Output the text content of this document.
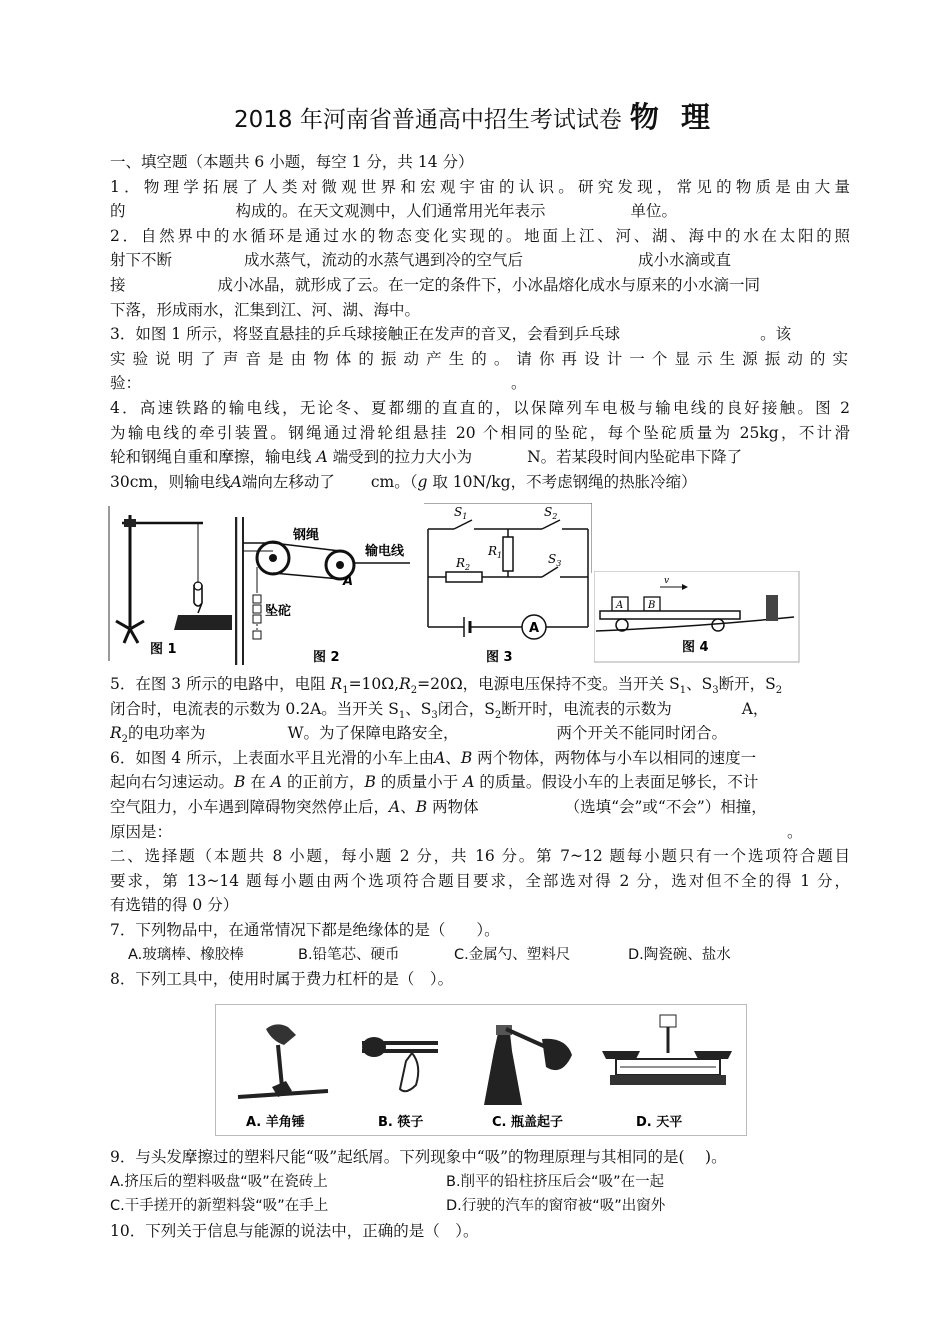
2018 年河南省普通高中招生考试试卷 物 理
一、填空题（本题共 6 小题，每空 1 分，共 14 分）
1．物理学拓展了人类对微观世界和宏观宇宙的认识。研究发现，常见的物质是由大量
的	构成的。在天文观测中，人们通常用光年表示	单位。
2．自然界中的水循环是通过水的物态变化实现的。地面上江、河、湖、海中的水在太阳的照
射下不断	成水蒸气，流动的水蒸气遇到冷的空气后	成小水滴或直
接	成小冰晶，就形成了云。在一定的条件下，小冰晶熔化成水与原来的小水滴一同
下落，形成雨水，汇集到江、河、湖、海中。
3．如图 1 所示，将竖直悬挂的乒乓球接触正在发声的音叉，会看到乒乓球	。该
实验说明了声音是由物体的振动产生的。请你再设计一个显示生源振动的实
验：	。
4．高速铁路的输电线，无论冬、夏都绷的直直的，以保障列车电极与输电线的良好接触。图 2
为输电线的牵引装置。钢绳通过滑轮组悬挂 20 个相同的坠砣，每个坠砣质量为 25kg，不计滑
轮和钢绳自重和摩擦，输电线 A 端受到的拉力大小为	N。若某段时间内坠砣串下降了
30cm，则输电线A端向左移动了 cm。（g 取 10N/kg，不考虑钢绳的热胀冷缩）
图 1
钢绳
输电线
A
坠砣
图 2
A
$S_1$	$S_2$
$S_3$
$R_1$
$R_2$
图 3
A B
v
图 4
5．在图 3 所示的电路中，电阻 $R_1=10\Omega,R_2=20\Omega$，电源电压保持不变。当开关 $S_1$、$S_3$断开，$S_2$
闭合时，电流表的示数为 0.2A。当开关 $S_1$、$S_3$闭合，$S_2$断开时，电流表的示数为	A，
$R_2$的电功率为	W。为了保障电路安全，	两个开关不能同时闭合。
6．如图 4 所示，上表面水平且光滑的小车上由A、B 两个物体，两物体与小车以相同的速度一
起向右匀速运动。B 在 A 的正前方，B 的质量小于 A 的质量。假设小车的上表面足够长，不计
空气阻力，小车遇到障碍物突然停止后，A、B 两物体	（选填“会”或“不会”）相撞，
原因是：	。
二、选择题（本题共 8 小题，每小题 2 分，共 16 分。第 7~12 题每小题只有一个选项符合题目
要求，第 13~14 题每小题由两个选项符合题目要求，全部选对得 2 分，选对但不全的得 1 分，
有选错的得 0 分）
7．下列物品中，在通常情况下都是绝缘体的是（　　）。
A.玻璃棒、橡胶棒	B.铅笔芯、硬币	C.金属勺、塑料尺	D.陶瓷碗、盐水
8．下列工具中，使用时属于费力杠杆的是（　）。
A. 羊角锤	B. 筷子	C. 瓶盖起子	D. 天平
9．与头发摩擦过的塑料尺能“吸”起纸屑。下列现象中“吸”的物理原理与其相同的是(　 )。
A.挤压后的塑料吸盘“吸”在瓷砖上	B.削平的铅柱挤压后会“吸”在一起
C.干手搓开的新塑料袋“吸”在手上	D.行驶的汽车的窗帘被“吸”出窗外
10．下列关于信息与能源的说法中，正确的是（　）。
